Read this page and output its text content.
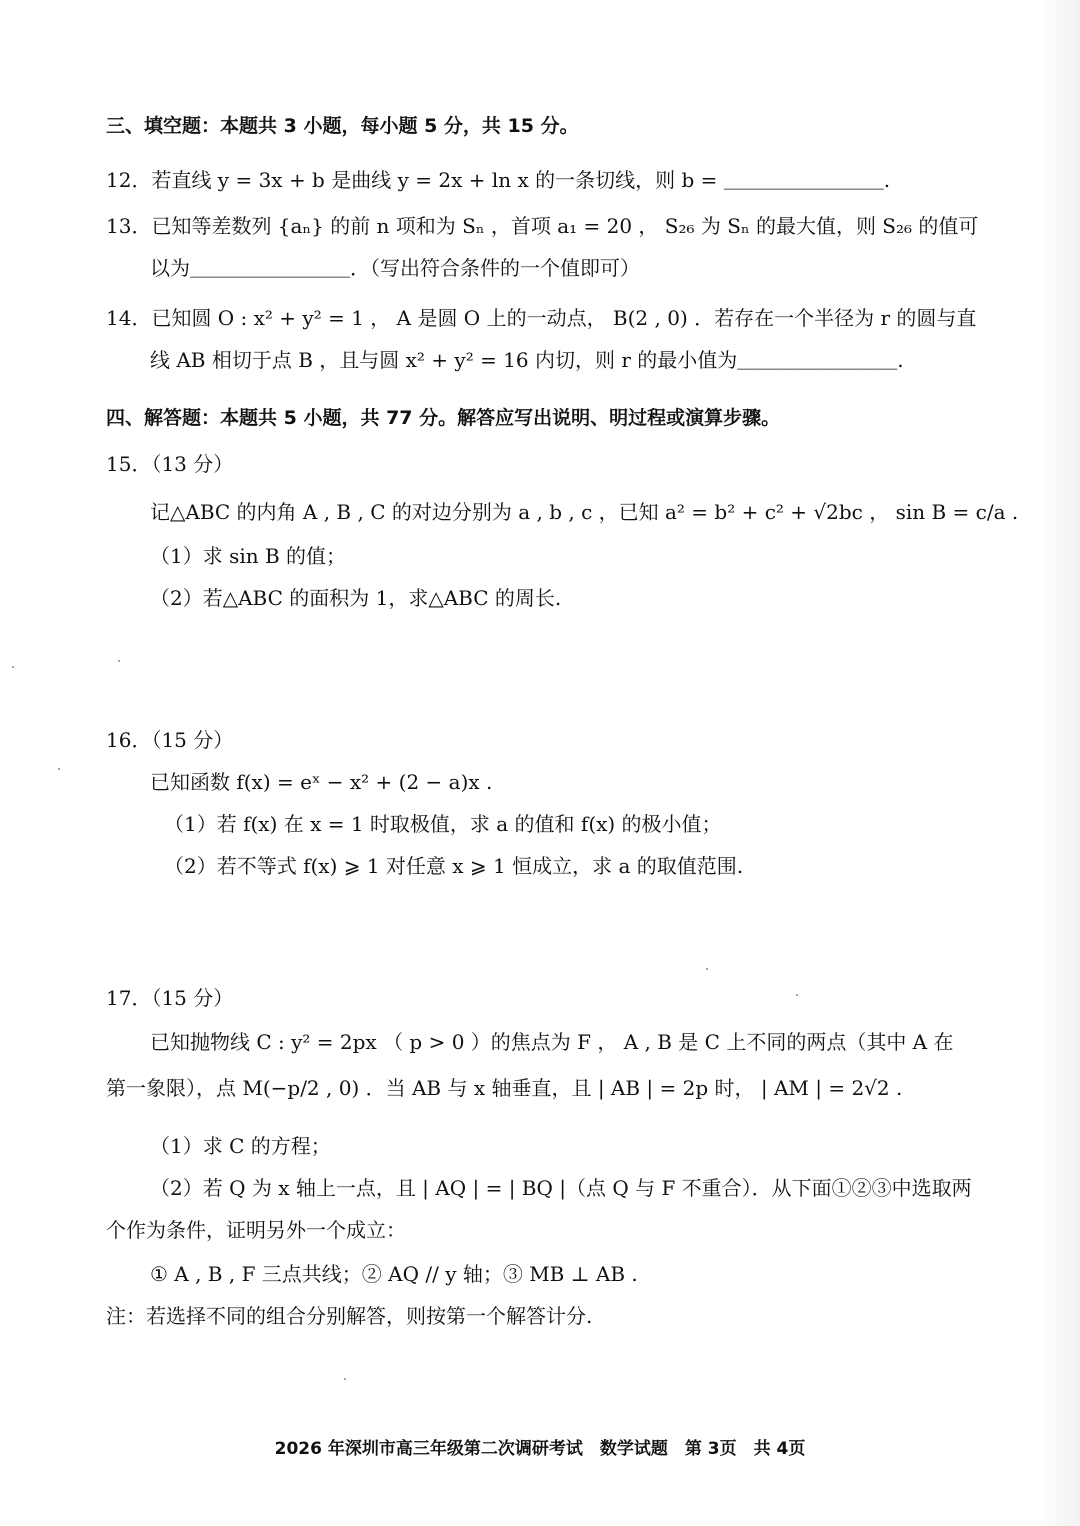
三、填空题：本题共 3 小题，每小题 5 分，共 15 分。
12．若直线 y = 3x + b 是曲线 y = 2x + ln x 的一条切线，则 b = ＿＿＿＿＿＿＿＿.
13．已知等差数列 {aₙ} 的前 n 项和为 Sₙ ，首项 a₁ = 20 ， S₂₆ 为 Sₙ 的最大值，则 S₂₆ 的值可
以为＿＿＿＿＿＿＿＿．（写出符合条件的一个值即可）
14．已知圆 O : x² + y² = 1 ， A 是圆 O 上的一动点， B(2 , 0) ．若存在一个半径为 r 的圆与直
线 AB 相切于点 B ，且与圆 x² + y² = 16 内切，则 r 的最小值为＿＿＿＿＿＿＿＿.
四、解答题：本题共 5 小题，共 77 分。解答应写出说明、明过程或演算步骤。
15．（13 分）
记△ABC 的内角 A , B , C 的对边分别为 a , b , c ，已知 a² = b² + c² + √2bc ， sin B = c/a .
（1）求 sin B 的值；
（2）若△ABC 的面积为 1，求△ABC 的周长.
16．（15 分）
已知函数 f(x) = eˣ − x² + (2 − a)x .
（1）若 f(x) 在 x = 1 时取极值，求 a 的值和 f(x) 的极小值；
（2）若不等式 f(x) ⩾ 1 对任意 x ⩾ 1 恒成立，求 a 的取值范围.
17．（15 分）
已知抛物线 C : y² = 2px （ p > 0 ）的焦点为 F ， A , B 是 C 上不同的两点（其中 A 在
第一象限），点 M(−p/2 , 0) ．当 AB 与 x 轴垂直，且 | AB | = 2p 时， | AM | = 2√2 .
（1）求 C 的方程；
（2）若 Q 为 x 轴上一点，且 | AQ | = | BQ |（点 Q 与 F 不重合）．从下面①②③中选取两
个作为条件，证明另外一个成立：
① A , B , F 三点共线；② AQ // y 轴；③ MB ⊥ AB .
注：若选择不同的组合分别解答，则按第一个解答计分.
2026 年深圳市高三年级第二次调研考试　数学试题　第 3页　共 4页
